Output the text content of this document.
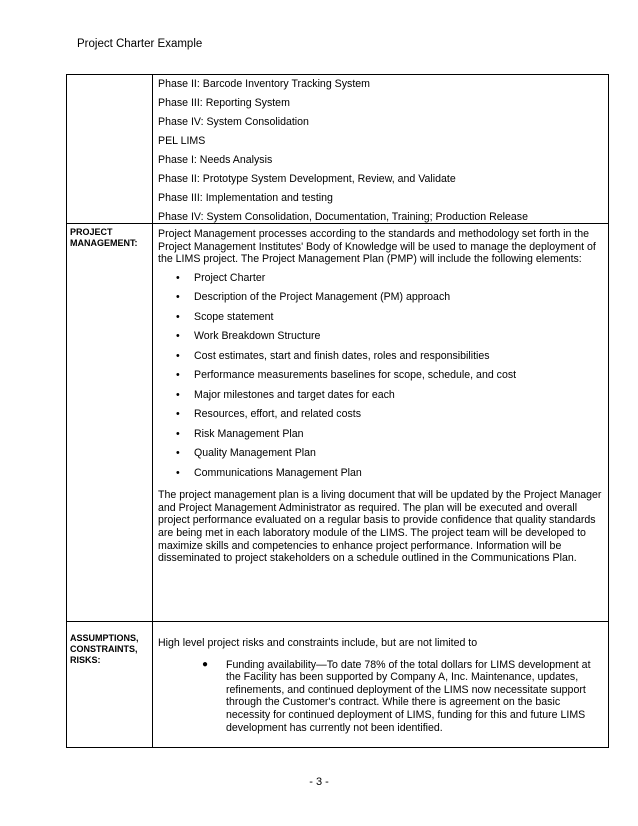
Project Charter Example
Phase II: Barcode Inventory Tracking System
Phase III: Reporting System
Phase IV: System Consolidation
PEL LIMS
Phase I: Needs Analysis
Phase II: Prototype System Development, Review, and Validate
Phase III: Implementation and testing
Phase IV: System Consolidation, Documentation, Training; Production Release
PROJECT MANAGEMENT:

Project Management processes according to the standards and methodology set forth in the Project Management Institutes' Body of Knowledge will be used to manage the deployment of the LIMS project. The Project Management Plan (PMP) will include the following elements:

• Project Charter
• Description of the Project Management (PM) approach
• Scope statement
• Work Breakdown Structure
• Cost estimates, start and finish dates, roles and responsibilities
• Performance measurements baselines for scope, schedule, and cost
• Major milestones and target dates for each
• Resources, effort, and related costs
• Risk Management Plan
• Quality Management Plan
• Communications Management Plan

The project management plan is a living document that will be updated by the Project Manager and Project Management Administrator as required. The plan will be executed and overall project performance evaluated on a regular basis to provide confidence that quality standards are being met in each laboratory module of the LIMS. The project team will be developed to maximize skills and competencies to enhance project performance. Information will be disseminated to project stakeholders on a schedule outlined in the Communications Plan.

ASSUMPTIONS, CONSTRAINTS, RISKS:

High level project risks and constraints include, but are not limited to

● Funding availability—To date 78% of the total dollars for LIMS development at the Facility has been supported by Company A, Inc. Maintenance, updates, refinements, and continued deployment of the LIMS now necessitate support through the Customer's contract. While there is agreement on the basic necessity for continued deployment of LIMS, funding for this and future LIMS development has currently not been identified.
- 3 -
